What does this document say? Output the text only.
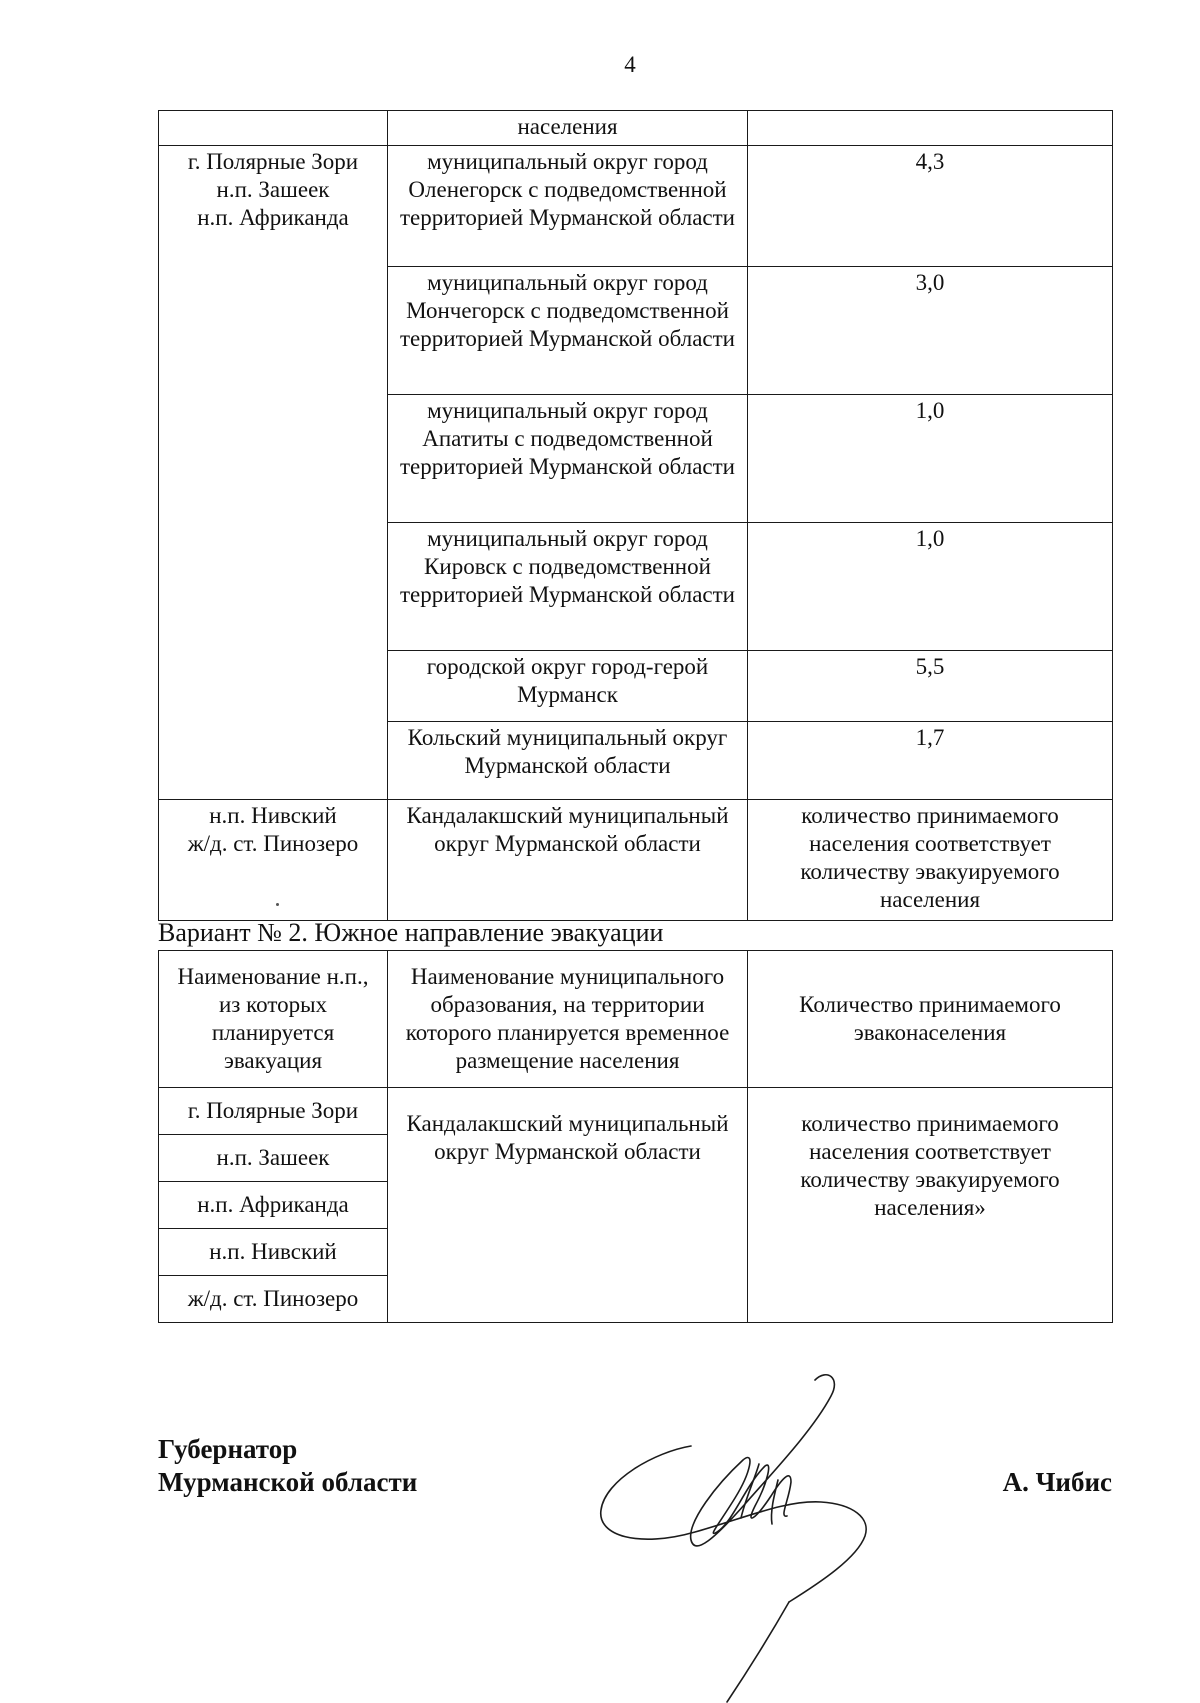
4
	населения	

г. Полярные Зори
н.п. Зашеек
н.п. Африканда	муниципальный округ город Оленегорск с подведомственной территорией Мурманской области	4,3
	муниципальный округ город Мончегорск с подведомственной территорией Мурманской области	3,0
	муниципальный округ город Апатиты с подведомственной территорией Мурманской области	1,0
	муниципальный округ город Кировск с подведомственной территорией Мурманской области	1,0
	городской округ город-герой Мурманск	5,5
	Кольский муниципальный округ Мурманской области	1,7

н.п. Нивский
ж/д. ст. Пинозеро	Кандалакшский муниципальный округ Мурманской области	количество принимаемого населения соответствует количеству эвакуируемого населения
Вариант № 2. Южное направление эвакуации
Наименование н.п., из которых планируется эвакуация	Наименование муниципального образования, на территории которого планируется временное размещение населения	Количество принимаемого эваконаселения
г. Полярные Зори	Кандалакшский муниципальный округ Мурманской области	количество принимаемого населения соответствует количеству эвакуируемого населения»
н.п. Зашеек		
н.п. Африканда		
н.п. Нивский		
ж/д. ст. Пинозеро		
Губернатор
Мурманской области	А. Чибис
